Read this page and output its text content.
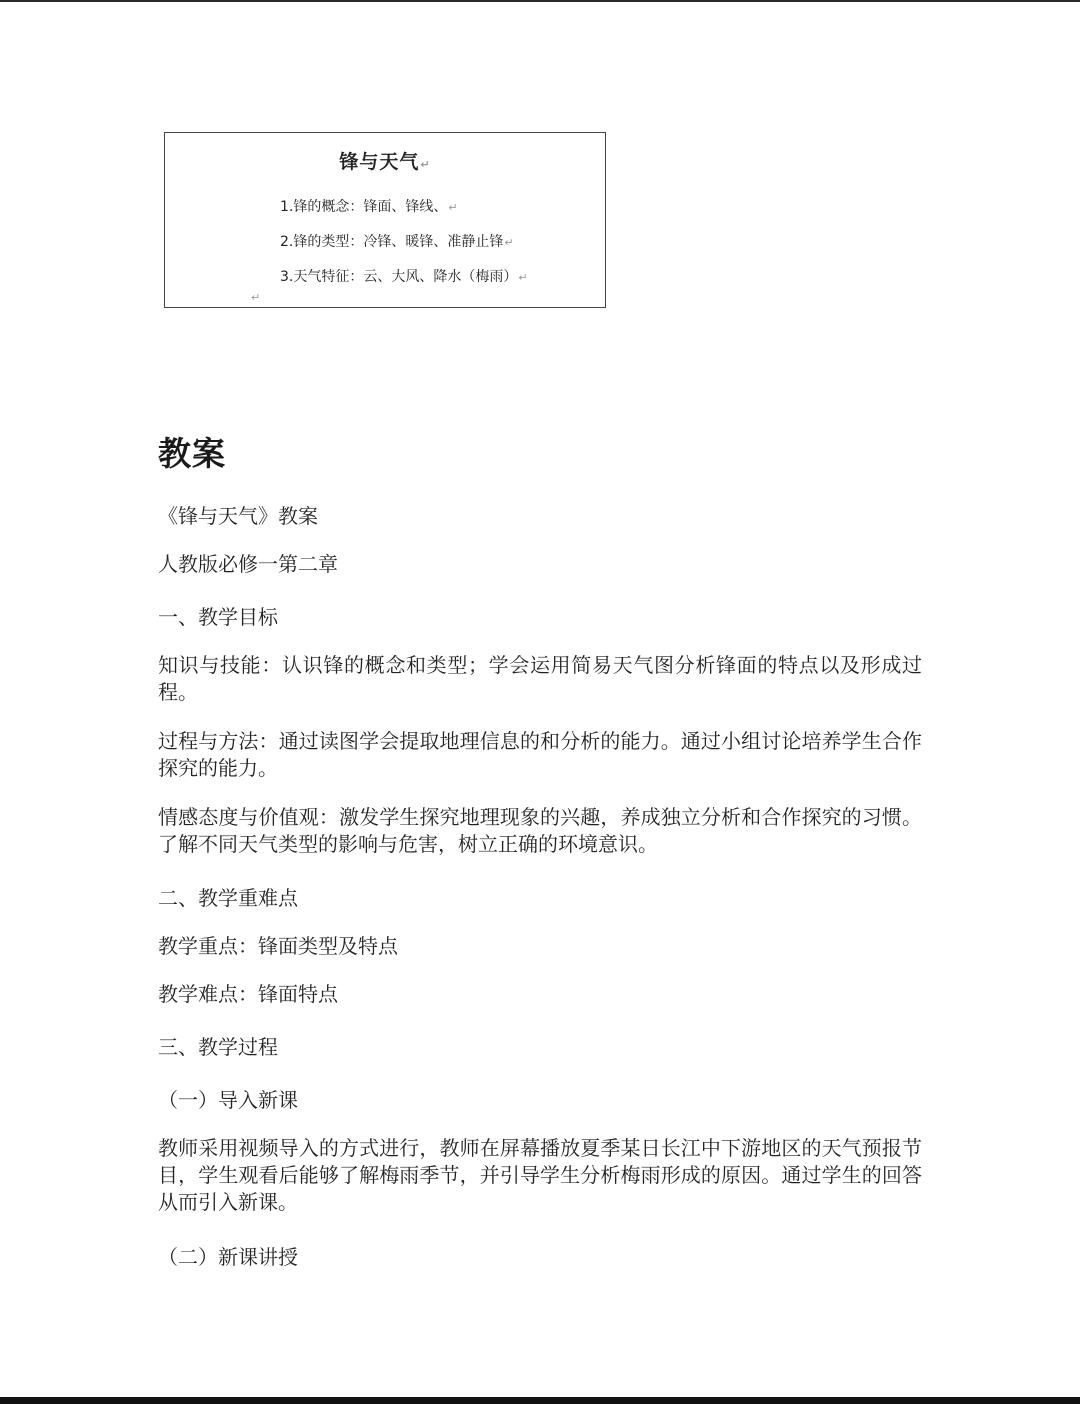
锋与天气↵
1.锋的概念：锋面、锋线、↵
2.锋的类型：冷锋、暖锋、准静止锋↵
3.天气特征：云、大风、降水（梅雨）↵
↵
教案

《锋与天气》教案

人教版必修一第二章

一、教学目标

知识与技能：认识锋的概念和类型；学会运用简易天气图分析锋面的特点以及形成过程。

过程与方法：通过读图学会提取地理信息的和分析的能力。通过小组讨论培养学生合作探究的能力。

情感态度与价值观：激发学生探究地理现象的兴趣，养成独立分析和合作探究的习惯。了解不同天气类型的影响与危害，树立正确的环境意识。

二、教学重难点

教学重点：锋面类型及特点

教学难点：锋面特点

三、教学过程

（一）导入新课

教师采用视频导入的方式进行，教师在屏幕播放夏季某日长江中下游地区的天气预报节目，学生观看后能够了解梅雨季节，并引导学生分析梅雨形成的原因。通过学生的回答从而引入新课。

（二）新课讲授
